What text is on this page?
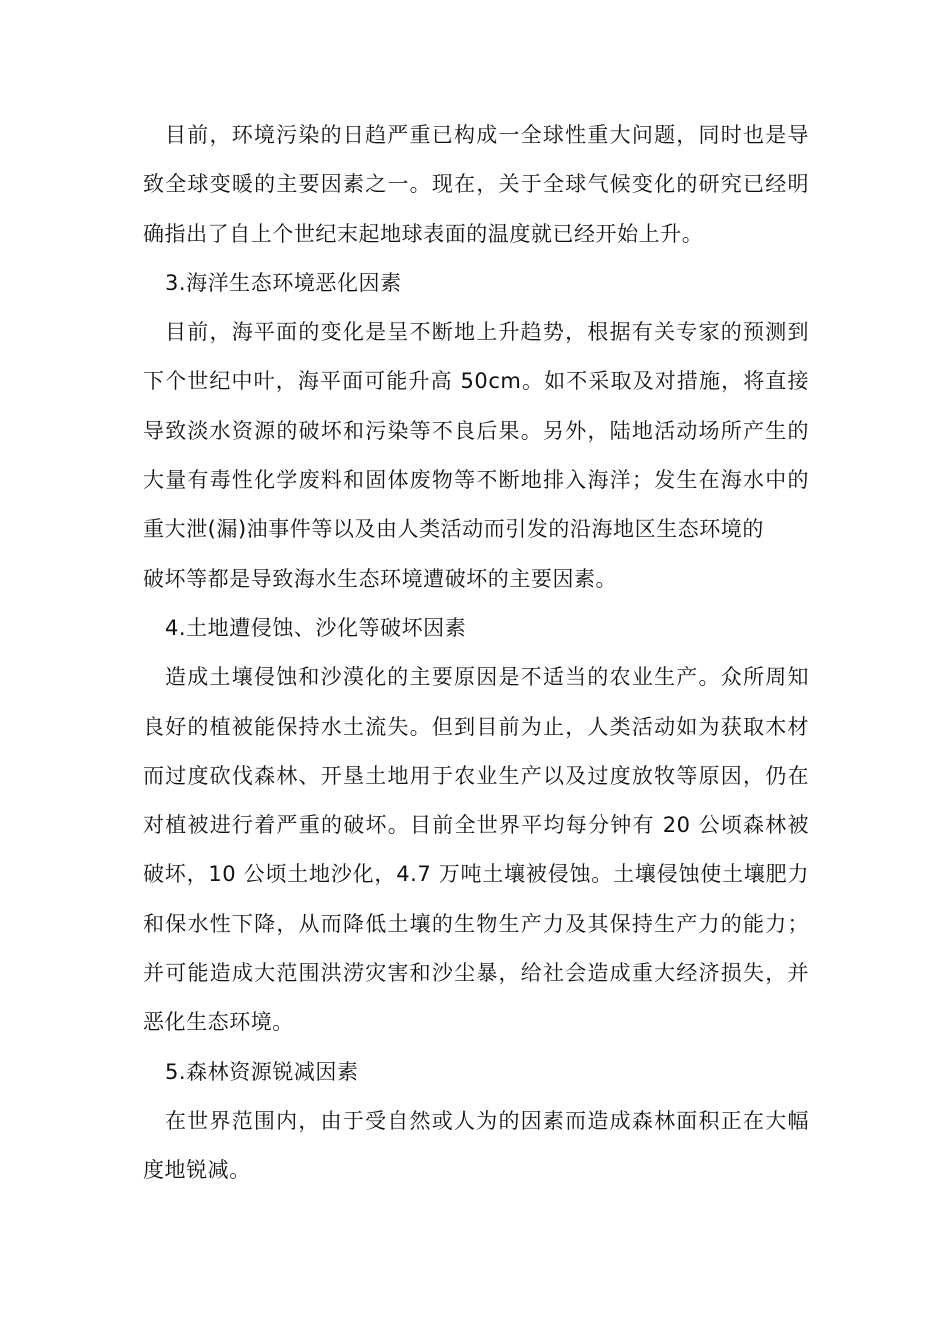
目前，环境污染的日趋严重已构成一全球性重大问题，同时也是导
致全球变暖的主要因素之一。现在，关于全球气候变化的研究已经明
确指出了自上个世纪末起地球表面的温度就已经开始上升。
3.海洋生态环境恶化因素
目前，海平面的变化是呈不断地上升趋势，根据有关专家的预测到
下个世纪中叶，海平面可能升高 50cm。如不采取及对措施，将直接
导致淡水资源的破坏和污染等不良后果。另外，陆地活动场所产生的
大量有毒性化学废料和固体废物等不断地排入海洋；发生在海水中的
重大泄(漏)油事件等以及由人类活动而引发的沿海地区生态环境的
破坏等都是导致海水生态环境遭破坏的主要因素。
4.土地遭侵蚀、沙化等破坏因素
造成土壤侵蚀和沙漠化的主要原因是不适当的农业生产。众所周知
良好的植被能保持水土流失。但到目前为止，人类活动如为获取木材
而过度砍伐森林、开垦土地用于农业生产以及过度放牧等原因，仍在
对植被进行着严重的破坏。目前全世界平均每分钟有 20 公顷森林被
破坏，10 公顷土地沙化，4.7 万吨土壤被侵蚀。土壤侵蚀使土壤肥力
和保水性下降，从而降低土壤的生物生产力及其保持生产力的能力；
并可能造成大范围洪涝灾害和沙尘暴，给社会造成重大经济损失，并
恶化生态环境。
5.森林资源锐减因素
在世界范围内，由于受自然或人为的因素而造成森林面积正在大幅
度地锐减。
